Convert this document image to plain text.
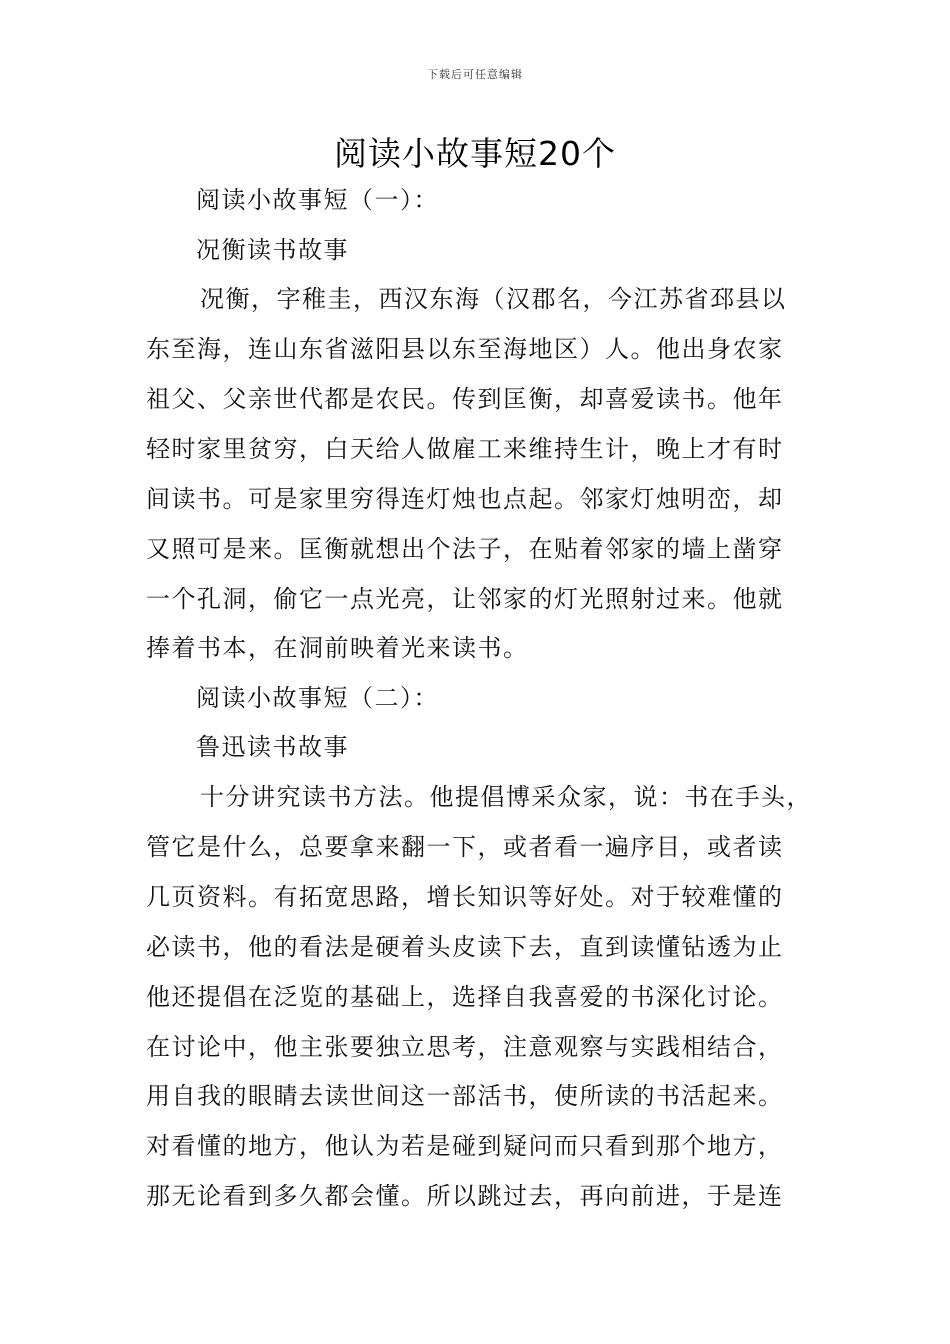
下载后可任意编辑
阅读小故事短20个
阅读小故事短（一）：
况衡读书故事
况衡，字稚圭，西汉东海（汉郡名，今江苏省邳县以
东至海，连山东省滋阳县以东至海地区）人。他出身农家
祖父、父亲世代都是农民。传到匡衡，却喜爱读书。他年
轻时家里贫穷，白天给人做雇工来维持生计，晚上才有时
间读书。可是家里穷得连灯烛也点起。邻家灯烛明峦，却
又照可是来。匡衡就想出个法子，在贴着邻家的墙上凿穿
一个孔洞，偷它一点光亮，让邻家的灯光照射过来。他就
捧着书本，在洞前映着光来读书。
阅读小故事短（二）：
鲁迅读书故事
十分讲究读书方法。他提倡博采众家，说：书在手头，
管它是什么，总要拿来翻一下，或者看一遍序目，或者读
几页资料。有拓宽思路，增长知识等好处。对于较难懂的
必读书，他的看法是硬着头皮读下去，直到读懂钻透为止
他还提倡在泛览的基础上，选择自我喜爱的书深化讨论。
在讨论中，他主张要独立思考，注意观察与实践相结合，
用自我的眼睛去读世间这一部活书，使所读的书活起来。
对看懂的地方，他认为若是碰到疑问而只看到那个地方，
那无论看到多久都会懂。所以跳过去，再向前进，于是连
